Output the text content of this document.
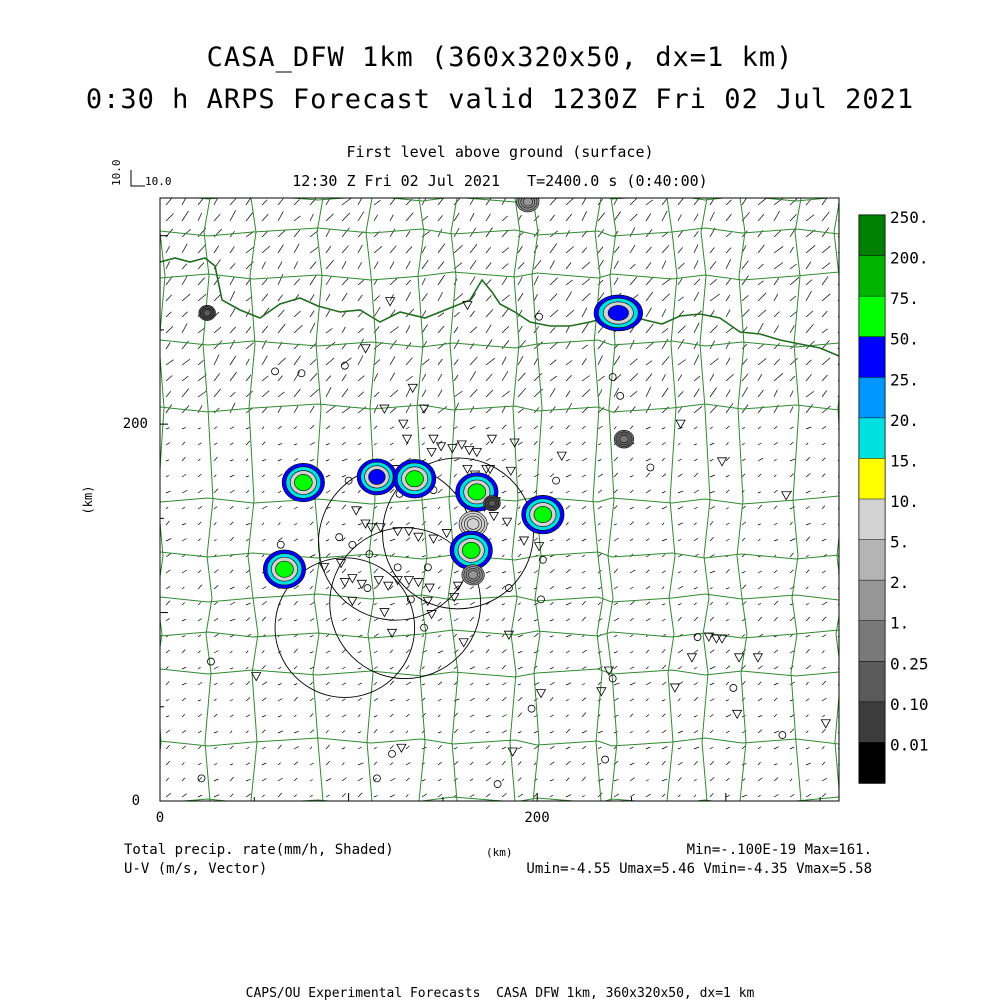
CASA_DFW 1km (360x320x50, dx=1 km)
0:30 h ARPS Forecast valid 1230Z Fri 02 Jul 2021
First level above ground (surface)
12:30 Z Fri 02 Jul 2021   T=2400.0 s (0:40:00)
10.0 10.0
0
200
0	200
(km)
250.
200.
75.
50.
25.
20.
15.
10.
5.
2.
1.
0.25
0.10
0.01
Total precip. rate(mm/h, Shaded)
U-V (m/s, Vector)
(km)	Min=-.100E-19 Max=161.
Umin=-4.55 Umax=5.46 Vmin=-4.35 Vmax=5.58
CAPS/OU Experimental Forecasts  CASA DFW 1km, 360x320x50, dx=1 km
